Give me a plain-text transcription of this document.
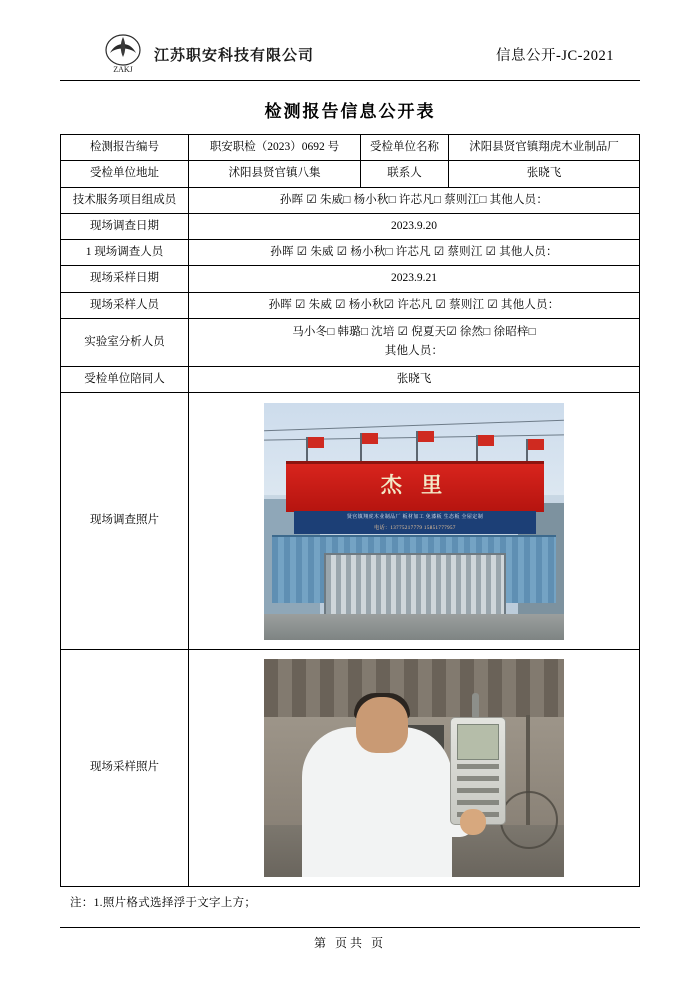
ZAKJ
江苏职安科技有限公司	信息公开-JC-2021
检测报告信息公开表
检测报告编号	职安职检（2023）0692 号	受检单位名称	沭阳县贤官镇翔虎木业制品厂
受检单位地址	沭阳县贤官镇八集	联系人	张晓飞
技术服务项目组成员	孙晖 ☑ 朱威□ 杨小秋□ 许芯凡□ 蔡则江□ 其他人员：		
现场调查日期	2023.9.20		
1 现场调查人员	孙晖 ☑ 朱威 ☑ 杨小秋□ 许芯凡 ☑ 蔡则江 ☑ 其他人员：		
现场采样日期	2023.9.21		
现场采样人员	孙晖 ☑ 朱威 ☑ 杨小秋☑ 许芯凡 ☑ 蔡则江 ☑ 其他人员：		
实验室分析人员	马小冬□ 韩璐□ 沈培 ☑ 倪夏天☑ 徐然□ 徐昭梓□
其他人员：		

受检单位陪同人	张晓飞		
现场调查照片	杰 里
贤官镇翔虎木业制品厂 板材加工 免漆板 生态板 全屋定制
电话：13775217779 15851777957		

现场采样照片			
注：1.照片格式选择浮于文字上方；
第 页共 页
